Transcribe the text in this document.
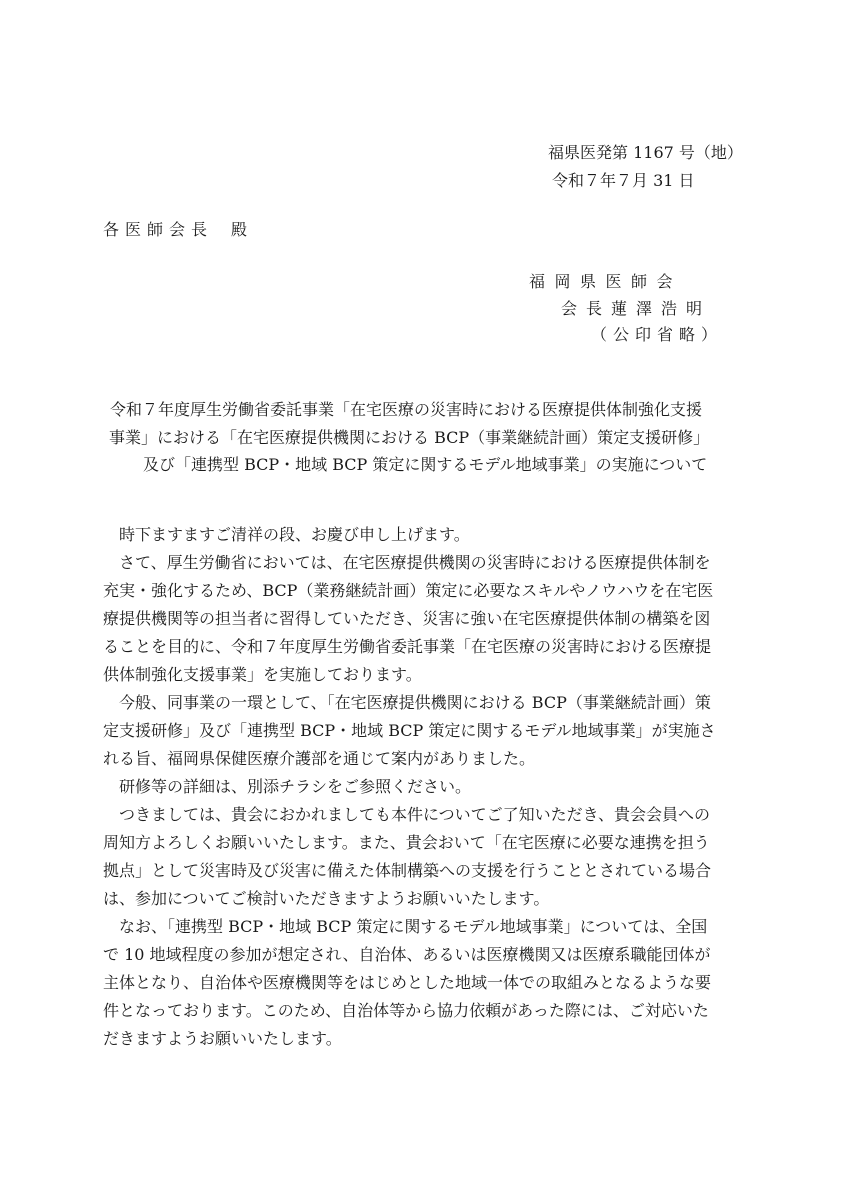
福県医発第 1167 号（地）
令和７年７月 31 日
各医師会長 殿
福岡県医師会
会長蓮澤浩明
（公印省略）
令和７年度厚生労働省委託事業「在宅医療の災害時における医療提供体制強化支援
事業」における「在宅医療提供機関における BCP（事業継続計画）策定支援研修」
及び「連携型 BCP・地域 BCP 策定に関するモデル地域事業」の実施について
　時下ますますご清祥の段、お慶び申し上げます。
　さて、厚生労働省においては、在宅医療提供機関の災害時における医療提供体制を
充実・強化するため、BCP（業務継続計画）策定に必要なスキルやノウハウを在宅医
療提供機関等の担当者に習得していただき、災害に強い在宅医療提供体制の構築を図
ることを目的に、令和７年度厚生労働省委託事業「在宅医療の災害時における医療提
供体制強化支援事業」を実施しております。
　今般、同事業の一環として、「在宅医療提供機関における BCP（事業継続計画）策
定支援研修」及び「連携型 BCP・地域 BCP 策定に関するモデル地域事業」が実施さ
れる旨、福岡県保健医療介護部を通じて案内がありました。
　研修等の詳細は、別添チラシをご参照ください。
　つきましては、貴会におかれましても本件についてご了知いただき、貴会会員への
周知方よろしくお願いいたします。また、貴会おいて「在宅医療に必要な連携を担う
拠点」として災害時及び災害に備えた体制構築への支援を行うこととされている場合
は、参加についてご検討いただきますようお願いいたします。
　なお、「連携型 BCP・地域 BCP 策定に関するモデル地域事業」については、全国
で 10 地域程度の参加が想定され、自治体、あるいは医療機関又は医療系職能団体が
主体となり、自治体や医療機関等をはじめとした地域一体での取組みとなるような要
件となっております。このため、自治体等から協力依頼があった際には、ご対応いた
だきますようお願いいたします。
